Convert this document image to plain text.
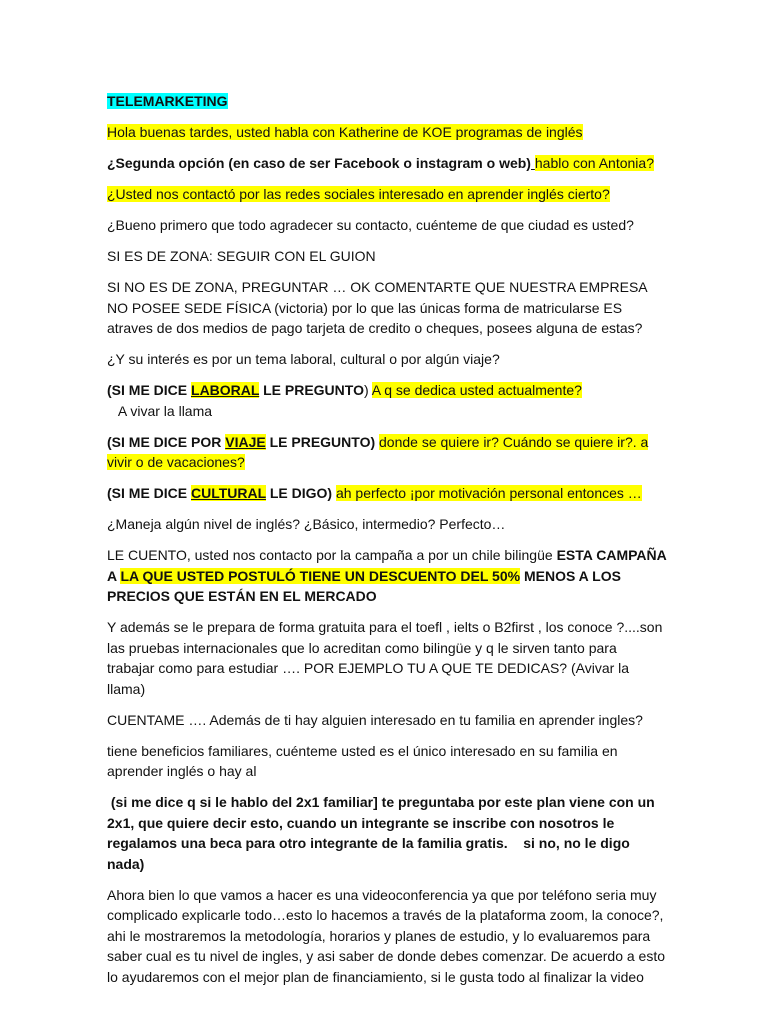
TELEMARKETING

Hola buenas tardes, usted habla con Katherine de KOE programas de inglés

¿Segunda opción (en caso de ser Facebook o instagram o web) hablo con Antonia?

¿Usted nos contactó por las redes sociales interesado en aprender inglés cierto?

¿Bueno primero que todo agradecer su contacto, cuénteme de que ciudad es usted?

SI ES DE ZONA: SEGUIR CON EL GUION

SI NO ES DE ZONA, PREGUNTAR … OK COMENTARTE QUE NUESTRA EMPRESA NO POSEE SEDE FÍSICA (victoria) por lo que las únicas forma de matricularse ES atraves de dos medios de pago tarjeta de credito o cheques, posees alguna de estas?

¿Y su interés es por un tema laboral, cultural o por algún viaje?

(SI ME DICE LABORAL LE PREGUNTO) A q se dedica usted actualmente?   A vivar la llama

(SI ME DICE POR VIAJE LE PREGUNTO) donde se quiere ir? Cuándo se quiere ir?. a vivir o de vacaciones?

(SI ME DICE CULTURAL LE DIGO) ah perfecto ¡por motivación personal entonces …

¿Maneja algún nivel de inglés? ¿Básico, intermedio? Perfecto…

LE CUENTO, usted nos contacto por la campaña a por un chile bilingüe ESTA CAMPAÑA A LA QUE USTED POSTULÓ TIENE UN DESCUENTO DEL 50% MENOS A LOS PRECIOS QUE ESTÁN EN EL MERCADO

Y además se le prepara de forma gratuita para el toefl , ielts o B2first , los conoce ?....son las pruebas internacionales que lo acreditan como bilingüe y q le sirven tanto para trabajar como para estudiar …. POR EJEMPLO TU A QUE TE DEDICAS? (Avivar la llama)

CUENTAME …. Además de ti hay alguien interesado en tu familia en aprender ingles?

tiene beneficios familiares, cuénteme usted es el único interesado en su familia en aprender inglés o hay al

(si me dice q si le hablo del 2x1 familiar] te preguntaba por este plan viene con un 2x1, que quiere decir esto, cuando un integrante se inscribe con nosotros le regalamos una beca para otro integrante de la familia gratis.    si no, no le digo nada)

Ahora bien lo que vamos a hacer es una videoconferencia ya que por teléfono seria muy complicado explicarle todo…esto lo hacemos a través de la plataforma zoom, la conoce?, ahi le mostraremos la metodología, horarios y planes de estudio, y lo evaluaremos para saber cual es tu nivel de ingles, y asi saber de donde debes comenzar. De acuerdo a esto lo ayudaremos con el mejor plan de financiamiento, si le gusta todo al finalizar la video
